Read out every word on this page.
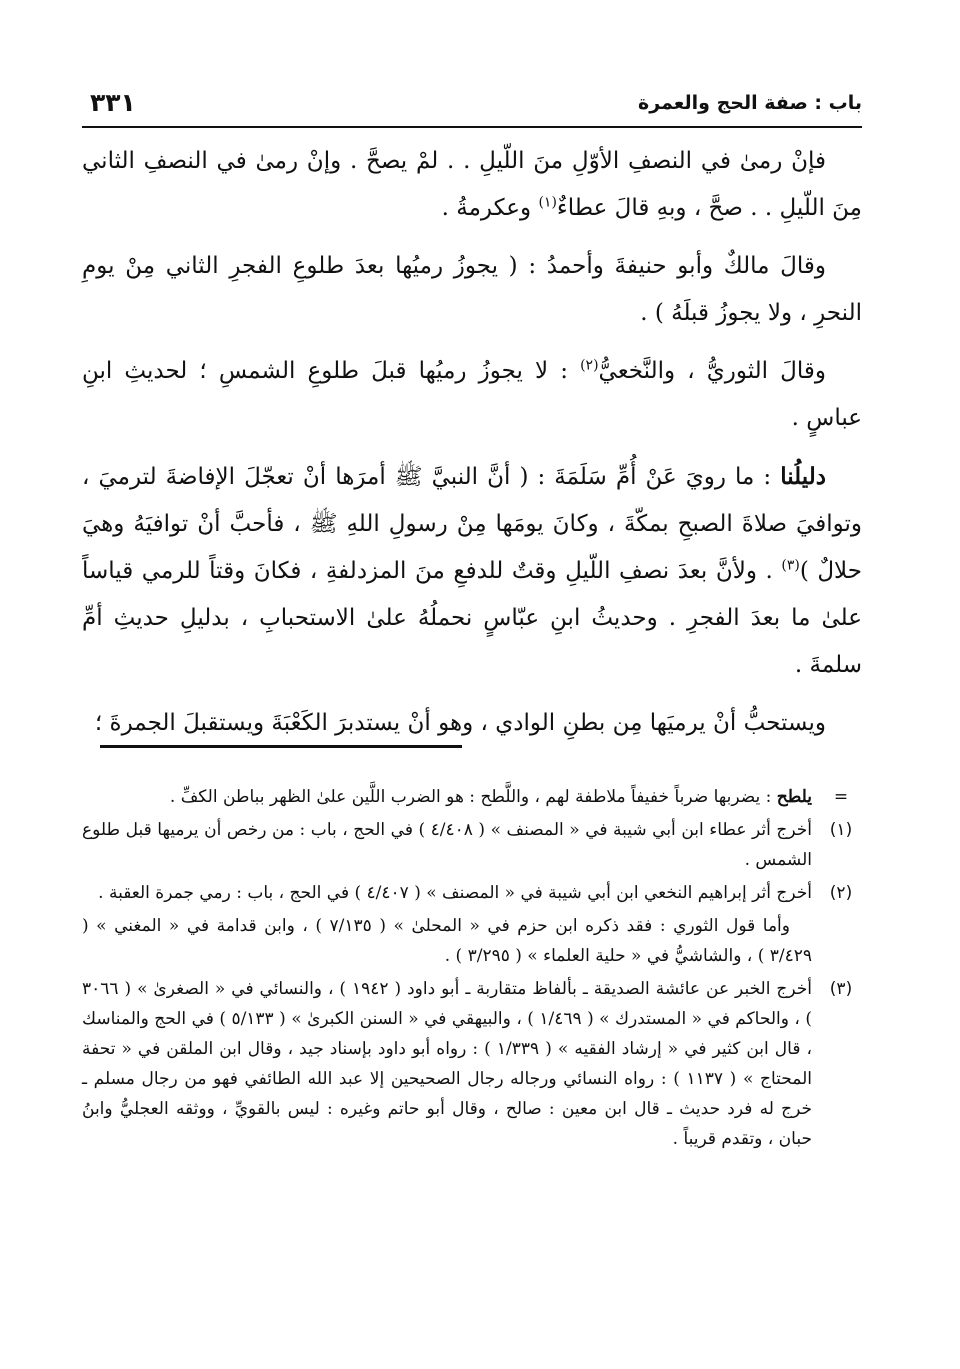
باب : صفة الحج والعمرة
٣٣١

فإنْ رمىٰ في النصفِ الأوّلِ منَ اللّيلِ . . لمْ يصحَّ . وإنْ رمىٰ في النصفِ الثاني مِنَ اللّيلِ . . صحَّ ، وبهِ قالَ عطاءٌ$^{(١)}$ وعكرمةُ .

وقالَ مالكٌ وأبو حنيفةَ وأحمدُ : ( يجوزُ رميُها بعدَ طلوعِ الفجرِ الثاني مِنْ يومِ النحرِ ، ولا يجوزُ قبلَهُ ) .

وقالَ الثوريُّ ، والنَّخعيُّ$^{(٢)}$ : لا يجوزُ رميُها قبلَ طلوعِ الشمسِ ؛ لحديثِ ابنِ عباسٍ .

دليلُنا : ما رويَ عَنْ أُمِّ سَلَمَةَ : ( أنَّ النبيَّ ﷺ أمرَها أنْ تعجّلَ الإفاضةَ لترميَ ، وتوافيَ صلاةَ الصبحِ بمكّةَ ، وكانَ يومَها مِنْ رسولِ اللهِ ﷺ ، فأحبَّ أنْ توافيَهُ وهيَ حلالٌ )$^{(٣)}$ . ولأنَّ بعدَ نصفِ اللّيلِ وقتٌ للدفعِ منَ المزدلفةِ ، فكانَ وقتاً للرمي قياساً علىٰ ما بعدَ الفجرِ . وحديثُ ابنِ عبّاسٍ نحملُهُ علىٰ الاستحبابِ ، بدليلِ حديثِ أمِّ سلمةَ .

ويستحبُّ أنْ يرميَها مِن بطنِ الوادي ، وهو أنْ يستدبرَ الكَعْبَةَ ويستقبلَ الجمرةَ ؛

=
يلطح : يضربها ضرباً خفيفاً ملاطفة لهم ، واللَّطح : هو الضرب اللَّين علىٰ الظهر بباطن الكفِّ .
(١)
أخرج أثر عطاء ابن أبي شيبة في « المصنف » ( ٤/٤٠٨ ) في الحج ، باب : من رخص أن يرميها قبل طلوع الشمس .
(٢)
أخرج أثر إبراهيم النخعي ابن أبي شيبة في « المصنف » ( ٤/٤٠٧ ) في الحج ، باب : رمي جمرة العقبة .
وأما قول الثوري : فقد ذكره ابن حزم في « المحلىٰ » ( ٧/١٣٥ ) ، وابن قدامة في « المغني » ( ٣/٤٢٩ ) ، والشاشيُّ في « حلية العلماء » ( ٣/٢٩٥ ) .
(٣)
أخرج الخبر عن عائشة الصديقة ـ بألفاظ متقاربة ـ أبو داود ( ١٩٤٢ ) ، والنسائي في « الصغرىٰ » ( ٣٠٦٦ ) ، والحاكم في « المستدرك » ( ١/٤٦٩ ) ، والبيهقي في « السنن الكبرىٰ » ( ٥/١٣٣ ) في الحج والمناسك ، قال ابن كثير في « إرشاد الفقيه » ( ١/٣٣٩ ) : رواه أبو داود بإسناد جيد ، وقال ابن الملقن في « تحفة المحتاج » ( ١١٣٧ ) : رواه النسائي ورجاله رجال الصحيحين إلا عبد الله الطائفي فهو من رجال مسلم ـ خرج له فرد حديث ـ قال ابن معين : صالح ، وقال أبو حاتم وغيره : ليس بالقويِّ ، ووثقه العجليُّ وابنُ حبان ، وتقدم قريباً .
